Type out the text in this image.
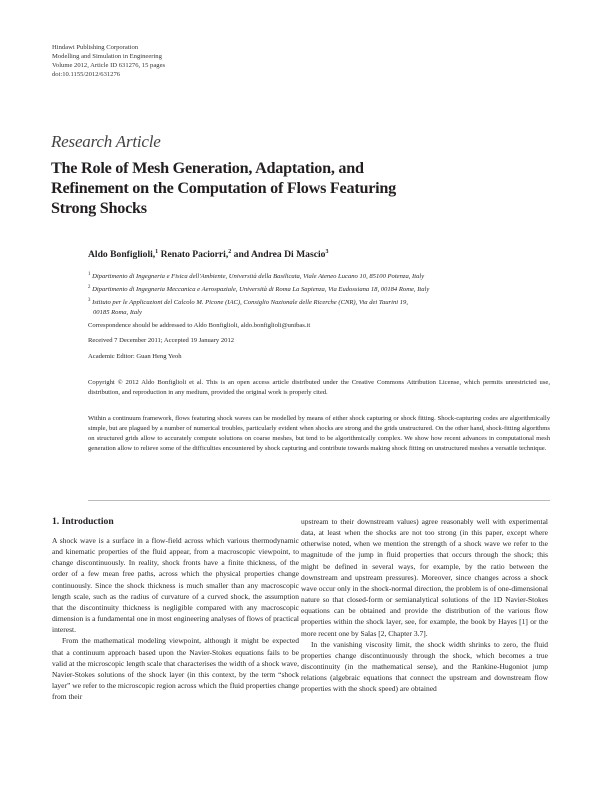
Hindawi Publishing Corporation
Modelling and Simulation in Engineering
Volume 2012, Article ID 631276, 15 pages
doi:10.1155/2012/631276
Research Article
The Role of Mesh Generation, Adaptation, and
Refinement on the Computation of Flows Featuring
Strong Shocks
Aldo Bonfiglioli,$^1$ Renato Paciorri,$^2$ and Andrea Di Mascio$^3$
$^1$ Dipartimento di Ingegneria e Fisica dell'Ambiente, Università della Basilicata, Viale Ateneo Lucano 10, 85100 Potenza, Italy
$^2$ Dipartimento di Ingegneria Meccanica e Aerospaziale, Università di Roma La Sapienza, Via Eudossiana 18, 00184 Rome, Italy
$^3$ Istituto per le Applicazioni del Calcolo M. Picone (IAC), Consiglio Nazionale delle Ricerche (CNR), Via dei Taurini 19,
00185 Roma, Italy
Correspondence should be addressed to Aldo Bonfiglioli, aldo.bonfiglioli@unibas.it
Received 7 December 2011; Accepted 19 January 2012
Academic Editor: Guan Heng Yeoh
Copyright © 2012 Aldo Bonfiglioli et al. This is an open access article distributed under the Creative Commons Attribution License, which permits unrestricted use, distribution, and reproduction in any medium, provided the original work is properly cited.
Within a continuum framework, flows featuring shock waves can be modelled by means of either shock capturing or shock fitting. Shock-capturing codes are algorithmically simple, but are plagued by a number of numerical troubles, particularly evident when shocks are strong and the grids unstructured. On the other hand, shock-fitting algorithms on structured grids allow to accurately compute solutions on coarse meshes, but tend to be algorithmically complex. We show how recent advances in computational mesh generation allow to relieve some of the difficulties encountered by shock capturing and contribute towards making shock fitting on unstructured meshes a versatile technique.
1. Introduction

A shock wave is a surface in a flow-field across which various thermodynamic and kinematic properties of the fluid appear, from a macroscopic viewpoint, to change discontinuously. In reality, shock fronts have a finite thickness, of the order of a few mean free paths, across which the physical properties change continuously. Since the shock thickness is much smaller than any macroscopic length scale, such as the radius of curvature of a curved shock, the assumption that the discontinuity thickness is negligible compared with any macroscopic dimension is a fundamental one in most engineering analyses of flows of practical interest.

From the mathematical modeling viewpoint, although it might be expected that a continuum approach based upon the Navier-Stokes equations fails to be valid at the microscopic length scale that characterises the width of a shock wave, Navier-Stokes solutions of the shock layer (in this context, by the term “shock layer” we refer to the microscopic region across which the fluid properties change from their

upstream to their downstream values) agree reasonably well with experimental data, at least when the shocks are not too strong (in this paper, except where otherwise noted, when we mention the strength of a shock wave we refer to the magnitude of the jump in fluid properties that occurs through the shock; this might be defined in several ways, for example, by the ratio between the downstream and upstream pressures). Moreover, since changes across a shock wave occur only in the shock-normal direction, the problem is of one-dimensional nature so that closed-form or semianalytical solutions of the 1D Navier-Stokes equations can be obtained and provide the distribution of the various flow properties within the shock layer, see, for example, the book by Hayes [1] or the more recent one by Salas [2, Chapter 3.7].

In the vanishing viscosity limit, the shock width shrinks to zero, the fluid properties change discontinuously through the shock, which becomes a true discontinuity (in the mathematical sense), and the Rankine-Hugoniot jump relations (algebraic equations that connect the upstream and downstream flow properties with the shock speed) are obtained
